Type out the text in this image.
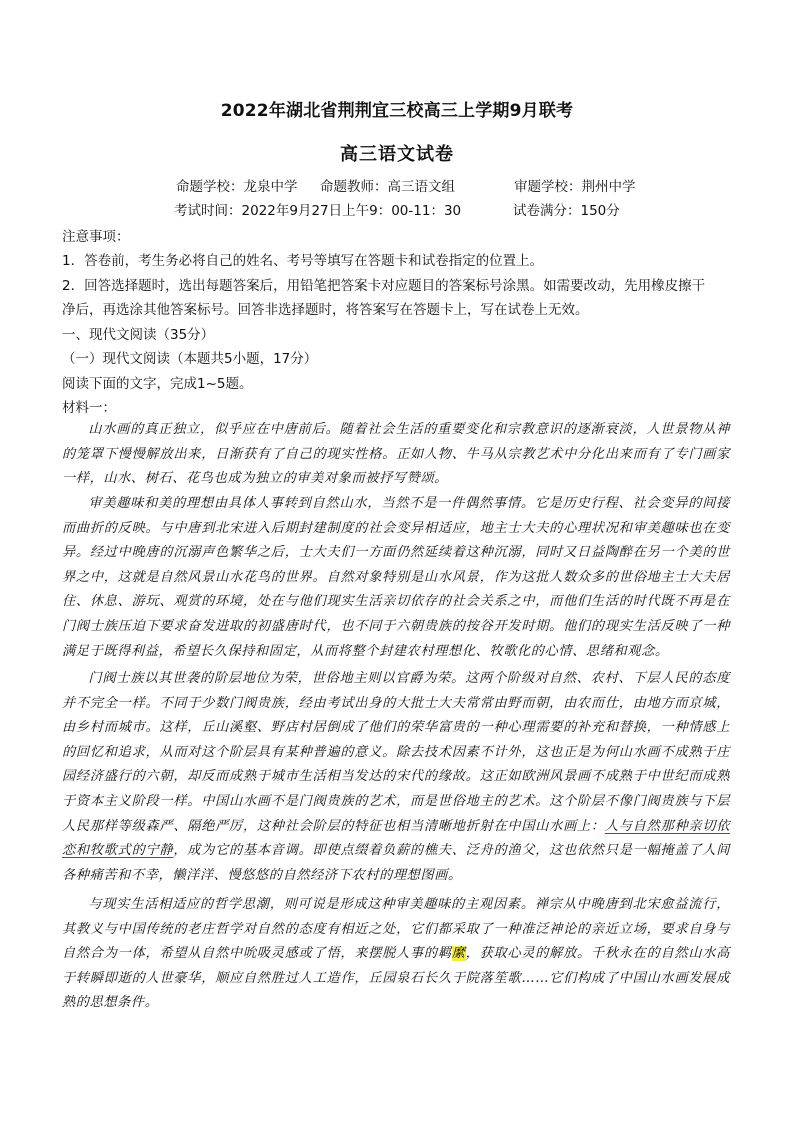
2022年湖北省荆荆宜三校高三上学期9月联考
高三语文试卷
命题学校：龙泉中学 命题教师：高三语文组	审题学校：荆州中学
考试时间：2022年9月27日上午9：00-11：30	试卷满分：150分
注意事项：
1．答卷前，考生务必将自己的姓名、考号等填写在答题卡和试卷指定的位置上。
2．回答选择题时，选出每题答案后，用铅笔把答案卡对应题目的答案标号涂黑。如需要改动，先用橡皮擦干
净后，再选涂其他答案标号。回答非选择题时，将答案写在答题卡上，写在试卷上无效。
一、现代文阅读（35分）
（一）现代文阅读（本题共5小题，17分）
阅读下面的文字，完成1~5题。
材料一：
山水画的真正独立，似乎应在中唐前后。随着社会生活的重要变化和宗教意识的逐渐衰淡，人世景物从神的笼罩下慢慢解放出来，日渐获有了自己的现实性格。正如人物、牛马从宗教艺术中分化出来而有了专门画家一样，山水、树石、花鸟也成为独立的审美对象而被抒写赞颂。
审美趣味和美的理想由具体人事转到自然山水，当然不是一件偶然事情。它是历史行程、社会变异的间接而曲折的反映。与中唐到北宋进入后期封建制度的社会变异相适应，地主士大夫的心理状况和审美趣味也在变异。经过中晚唐的沉溺声色繁华之后，士大夫们一方面仍然延续着这种沉溺，同时又日益陶醉在另一个美的世界之中，这就是自然风景山水花鸟的世界。自然对象特别是山水风景，作为这批人数众多的世俗地主士大夫居住、休息、游玩、观赏的环境，处在与他们现实生活亲切依存的社会关系之中，而他们生活的时代既不再是在门阀士族压迫下要求奋发进取的初盛唐时代，也不同于六朝贵族的按谷开发时期。他们的现实生活反映了一种满足于既得利益，希望长久保持和固定，从而将整个封建农村理想化、牧歌化的心情、思绪和观念。
门阀士族以其世袭的阶层地位为荣，世俗地主则以官爵为荣。这两个阶级对自然、农村、下层人民的态度并不完全一样。不同于少数门阀贵族，经由考试出身的大批士大夫常常由野而朝，由农而仕，由地方而京城，由乡村而城市。这样，丘山溪壑、野店村居倒成了他们的荣华富贵的一种心理需要的补充和替换，一种情感上的回忆和追求，从而对这个阶层具有某种普遍的意义。除去技术因素不计外，这也正是为何山水画不成熟于庄园经济盛行的六朝，却反而成熟于城市生活相当发达的宋代的缘故。这正如欧洲风景画不成熟于中世纪而成熟于资本主义阶段一样。中国山水画不是门阀贵族的艺术，而是世俗地主的艺术。这个阶层不像门阀贵族与下层人民那样等级森严、隔绝严厉，这种社会阶层的特征也相当清晰地折射在中国山水画上：人与自然那种亲切依恋和牧歌式的宁静，成为它的基本音调。即使点缀着负薪的樵夫、泛舟的渔父，这也依然只是一幅掩盖了人间各种痛苦和不幸，懒洋洋、慢悠悠的自然经济下农村的理想图画。
与现实生活相适应的哲学思潮，则可说是形成这种审美趣味的主观因素。禅宗从中晚唐到北宋愈益流行，其教义与中国传统的老庄哲学对自然的态度有相近之处，它们都采取了一种准泛神论的亲近立场，要求自身与自然合为一体，希望从自然中吮吸灵感或了悟，来摆脱人事的羁縻，获取心灵的解放。千秋永在的自然山水高于转瞬即逝的人世豪华，顺应自然胜过人工造作，丘园泉石长久于院落笙歌……它们构成了中国山水画发展成熟的思想条件。
